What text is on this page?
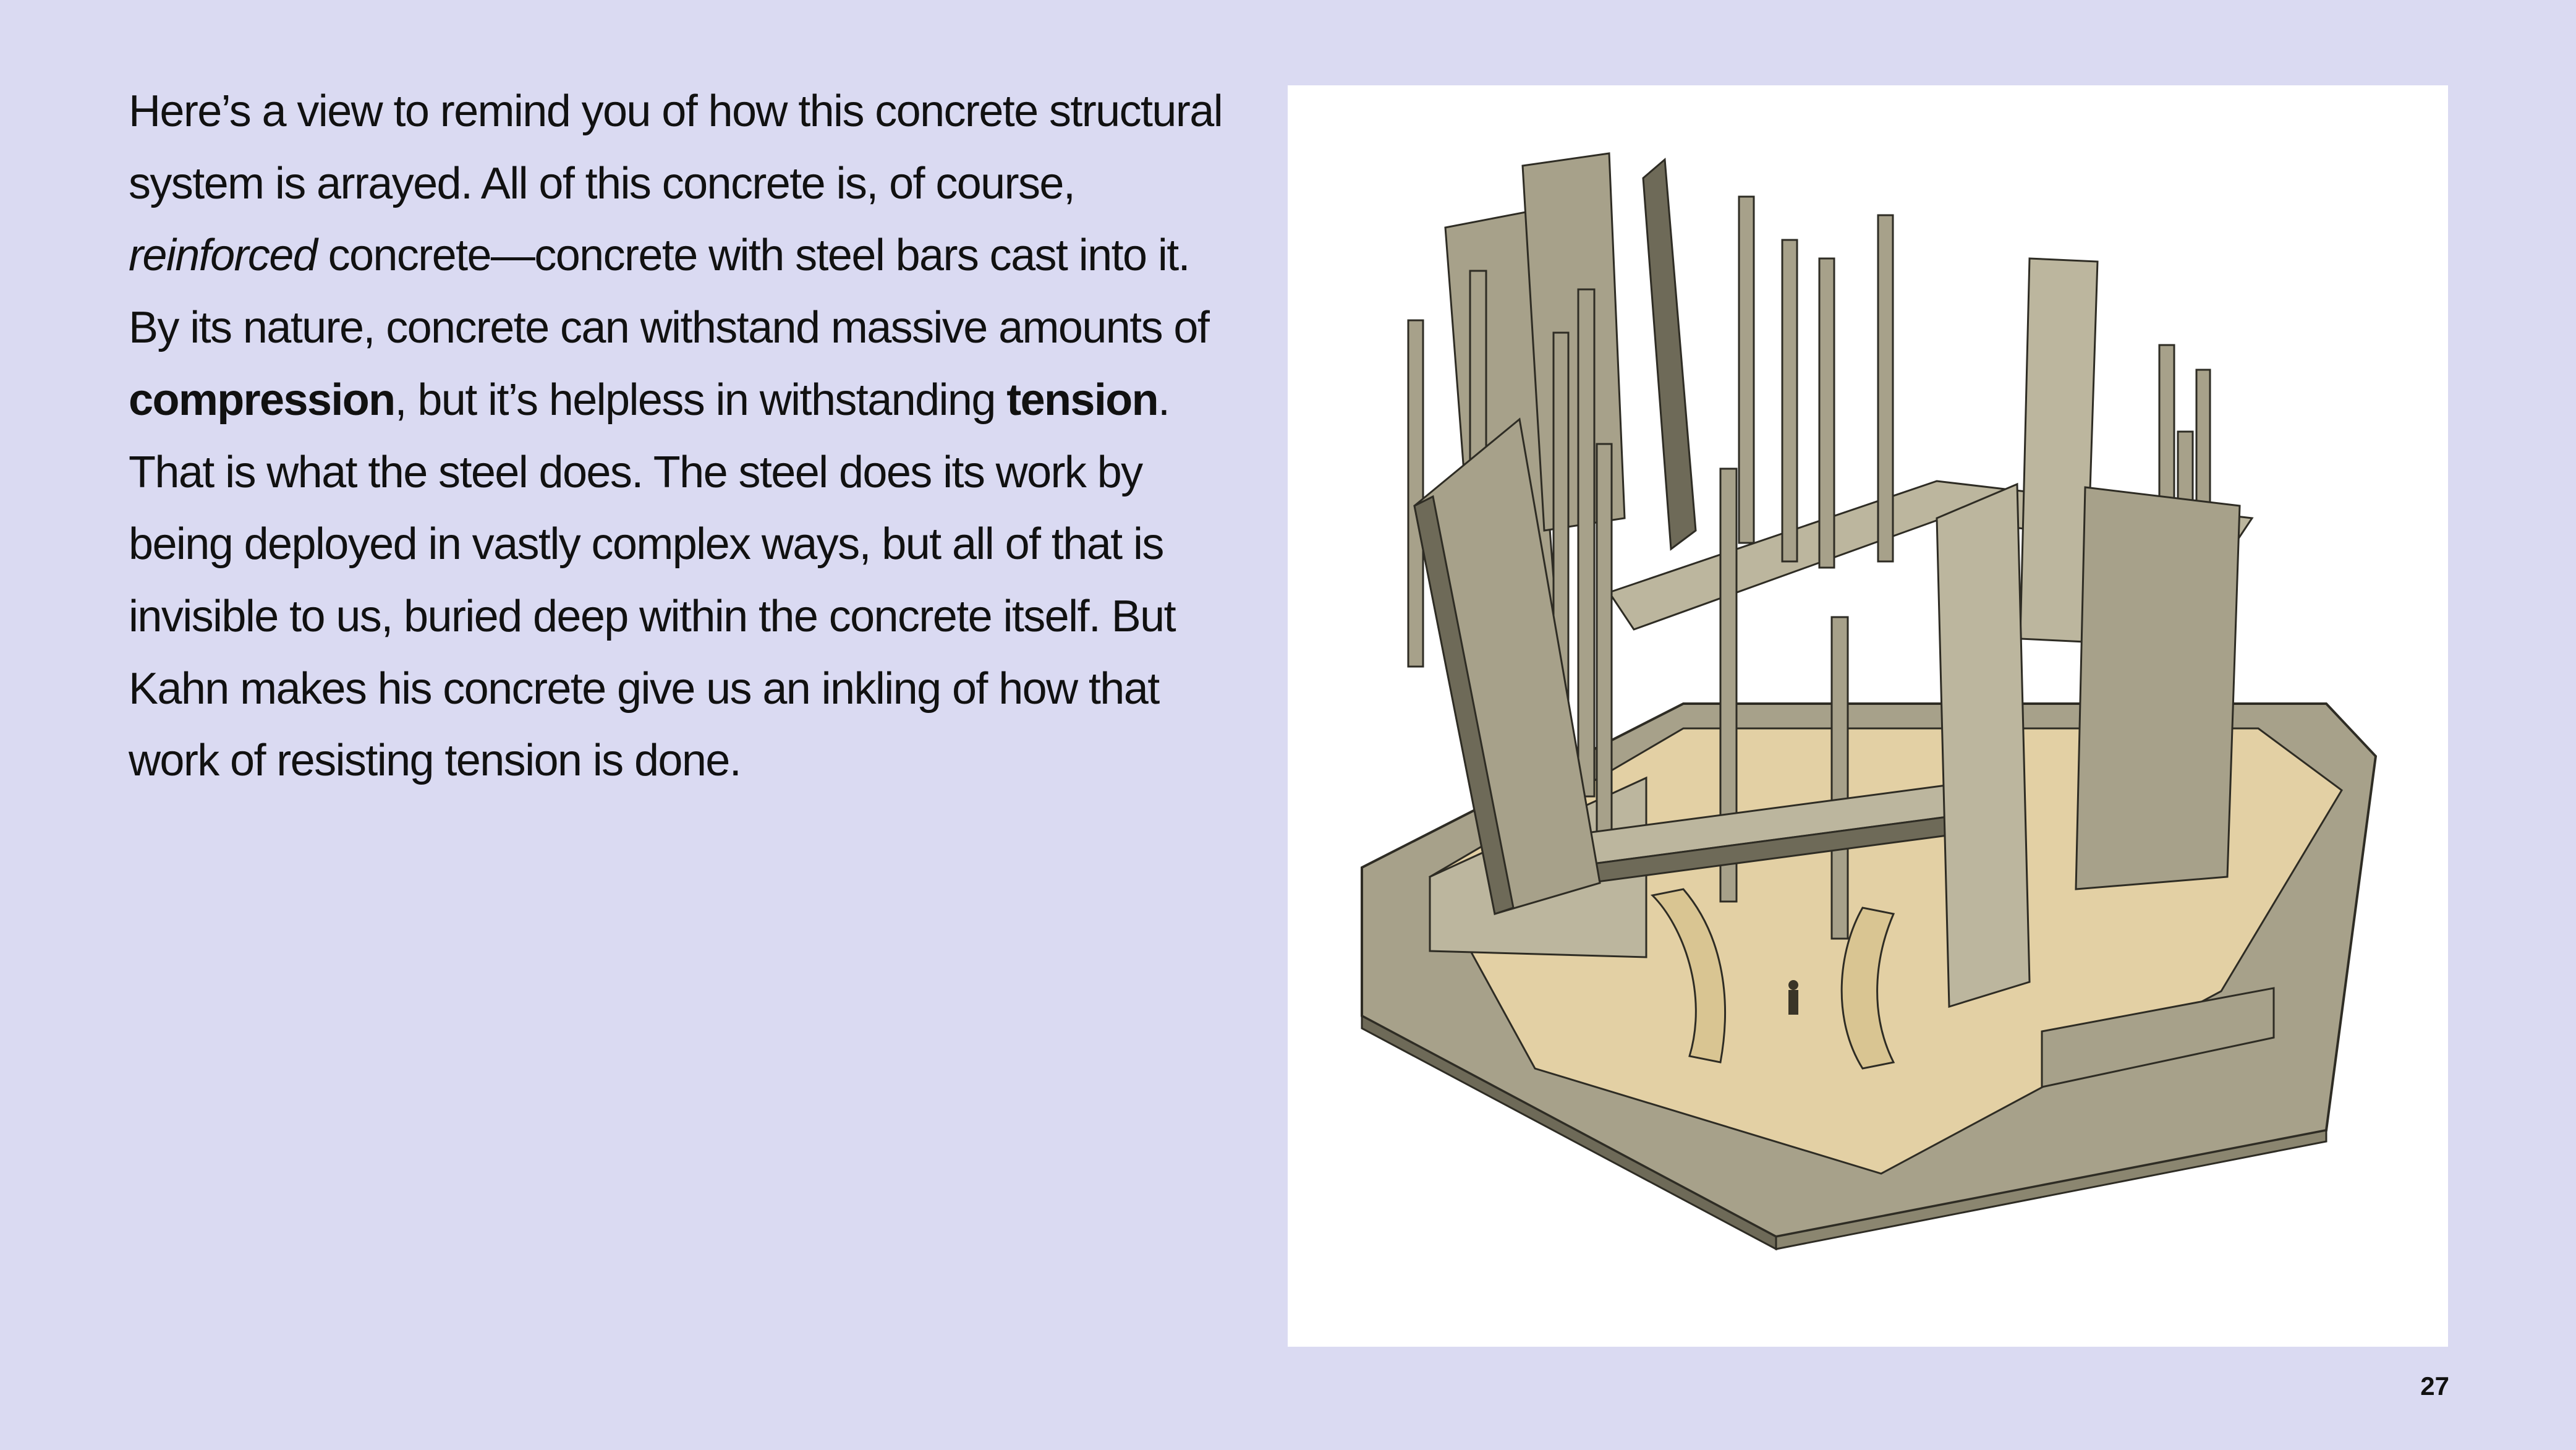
Here’s a view to remind you of how this concrete structural system is arrayed. All of this concrete is, of course, reinforced concrete—concrete with steel bars cast into it. By its nature, concrete can withstand massive amounts of compression, but it’s helpless in withstanding tension. That is what the steel does. The steel does its work by being deployed in vastly complex ways, but all of that is invisible to us, buried deep within the concrete itself. But Kahn makes his concrete give us an inkling of how that work of resisting tension is done.

27
